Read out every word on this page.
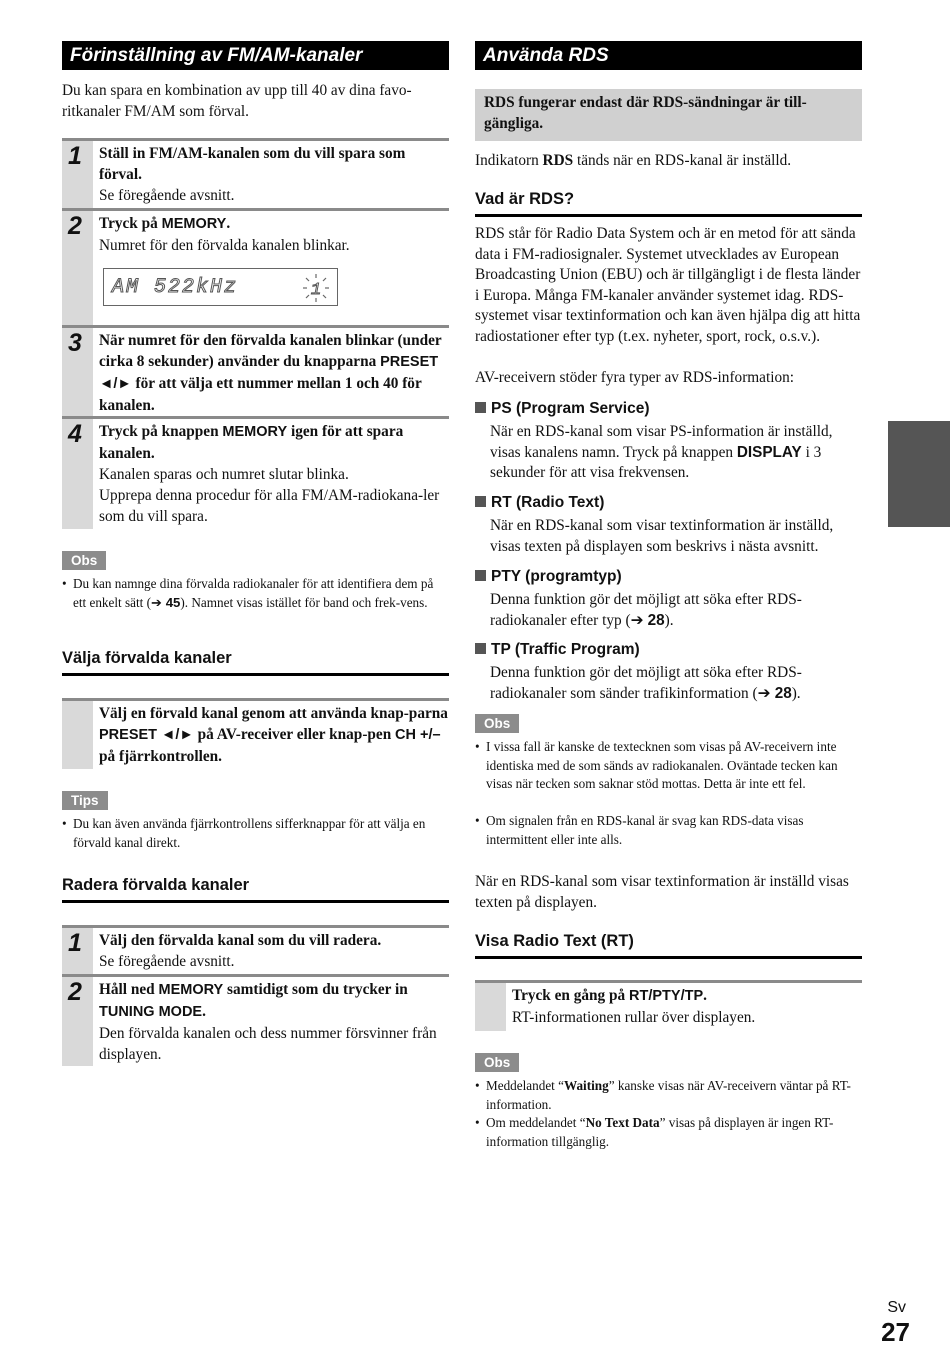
Förinställning av FM/AM-kanaler
Du kan spara en kombination av upp till 40 av dina favo-ritkanaler FM/AM som förval.
1 Ställ in FM/AM-kanalen som du vill spara som förval.
Se föregående avsnitt.
2 Tryck på MEMORY.
Numret för den förvalda kanalen blinkar.
AM 522kHz	1
3 När numret för den förvalda kanalen blinkar (under cirka 8 sekunder) använder du knapparna PRESET ◄/► för att välja ett nummer mellan 1 och 40 för kanalen.
4 Tryck på knappen MEMORY igen för att spara kanalen.
Kanalen sparas och numret slutar blinka.
Upprepa denna procedur för alla FM/AM-radiokana-ler som du vill spara.
Obs
• Du kan namnge dina förvalda radiokanaler för att identifiera dem på ett enkelt sätt (➔ 45). Namnet visas istället för band och frek-vens.
Välja förvalda kanaler
Välj en förvald kanal genom att använda knap-parna PRESET ◄/► på AV-receiver eller knap-pen CH +/– på fjärrkontrollen.
Tips
• Du kan även använda fjärrkontrollens sifferknappar för att välja en förvald kanal direkt.
Radera förvalda kanaler
1 Välj den förvalda kanal som du vill radera.
Se föregående avsnitt.
2 Håll ned MEMORY samtidigt som du trycker in TUNING MODE.
Den förvalda kanalen och dess nummer försvinner från displayen.
Använda RDS
RDS fungerar endast där RDS-sändningar är till-gängliga.
Indikatorn RDS tänds när en RDS-kanal är inställd.
Vad är RDS?
RDS står för Radio Data System och är en metod för att sända data i FM-radiosignaler. Systemet utvecklades av European Broadcasting Union (EBU) och är tillgängligt i de flesta länder i Europa. Många FM-kanaler använder systemet idag. RDS-systemet visar textinformation och kan även hjälpa dig att hitta radiostationer efter typ (t.ex. nyheter, sport, rock, o.s.v.).
AV-receivern stöder fyra typer av RDS-information:
PS (Program Service)
När en RDS-kanal som visar PS-information är inställd, visas kanalens namn. Tryck på knappen DISPLAY i 3 sekunder för att visa frekvensen.
RT (Radio Text)
När en RDS-kanal som visar textinformation är inställd, visas texten på displayen som beskrivs i nästa avsnitt.
PTY (programtyp)
Denna funktion gör det möjligt att söka efter RDS-radiokanaler efter typ (➔ 28).
TP (Traffic Program)
Denna funktion gör det möjligt att söka efter RDS-radiokanaler som sänder trafikinformation (➔ 28).
Obs
• I vissa fall är kanske de textecknen som visas på AV-receivern inte identiska med de som sänds av radiokanalen. Oväntade tecken kan visas när tecken som saknar stöd mottas. Detta är inte ett fel.
• Om signalen från en RDS-kanal är svag kan RDS-data visas intermittent eller inte alls.
När en RDS-kanal som visar textinformation är inställd visas texten på displayen.
Visa Radio Text (RT)
Tryck en gång på RT/PTY/TP.
RT-informationen rullar över displayen.
Obs
• Meddelandet “Waiting” kanske visas när AV-receivern väntar på RT-information.
• Om meddelandet “No Text Data” visas på displayen är ingen RT-information tillgänglig.
Sv
27
